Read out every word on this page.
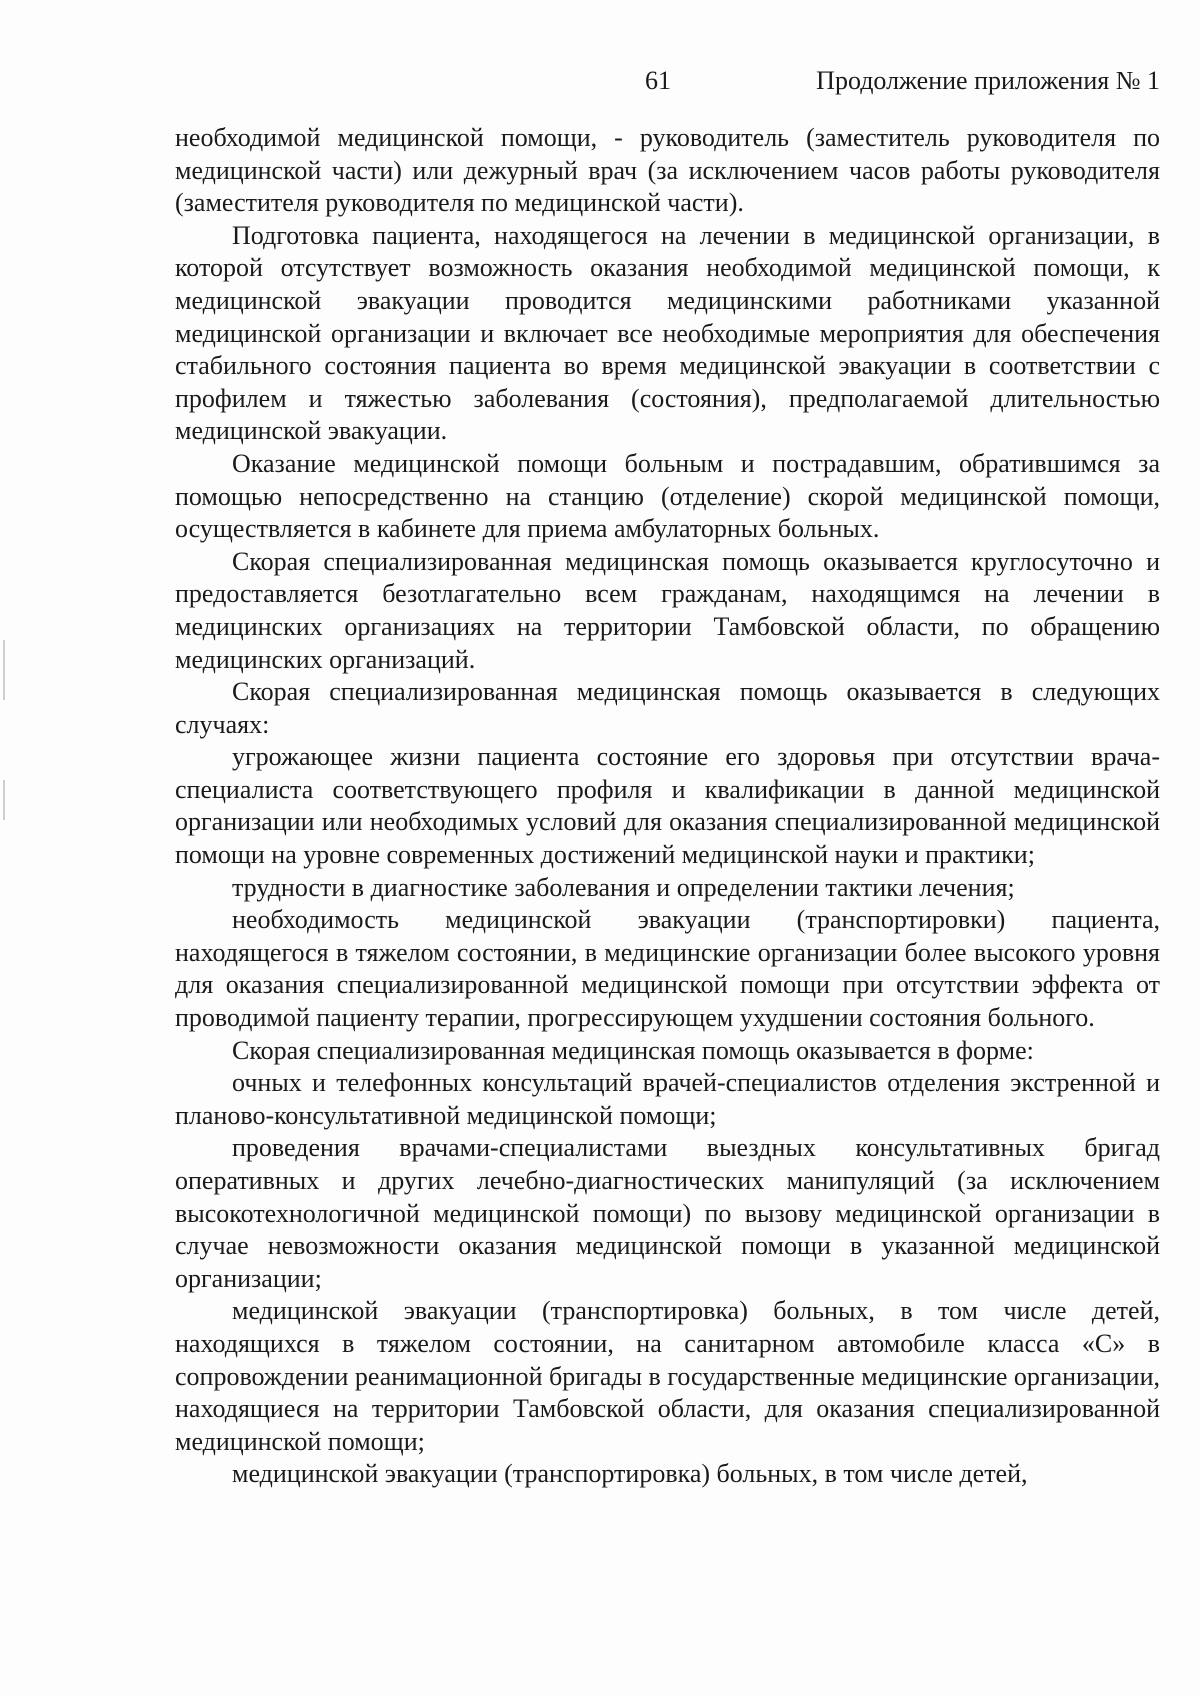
61	Продолжение приложения № 1

необходимой медицинской помощи, - руководитель (заместитель руководителя по медицинской части) или дежурный врач (за исключением часов работы руководителя (заместителя руководителя по медицинской части).

Подготовка пациента, находящегося на лечении в медицинской организации, в которой отсутствует возможность оказания необходимой медицинской помощи, к медицинской эвакуации проводится медицинскими работниками указанной медицинской организации и включает все необходимые мероприятия для обеспечения стабильного состояния пациента во время медицинской эвакуации в соответствии с профилем и тяжестью заболевания (состояния), предполагаемой длительностью медицинской эвакуации.

Оказание медицинской помощи больным и пострадавшим, обратившимся за помощью непосредственно на станцию (отделение) скорой медицинской помощи, осуществляется в кабинете для приема амбулаторных больных.

Скорая специализированная медицинская помощь оказывается круглосуточно и предоставляется безотлагательно всем гражданам, находящимся на лечении в медицинских организациях на территории Тамбовской области, по обращению медицинских организаций.

Скорая специализированная медицинская помощь оказывается в следующих случаях:

угрожающее жизни пациента состояние его здоровья при отсутствии врача-специалиста соответствующего профиля и квалификации в данной медицинской организации или необходимых условий для оказания специализированной медицинской помощи на уровне современных достижений медицинской науки и практики;

трудности в диагностике заболевания и определении тактики лечения;

необходимость медицинской эвакуации (транспортировки) пациента, находящегося в тяжелом состоянии, в медицинские организации более высокого уровня для оказания специализированной медицинской помощи при отсутствии эффекта от проводимой пациенту терапии, прогрессирующем ухудшении состояния больного.

Скорая специализированная медицинская помощь оказывается в форме:

очных и телефонных консультаций врачей-специалистов отделения экстренной и планово-консультативной медицинской помощи;

проведения врачами-специалистами выездных консультативных бригад оперативных и других лечебно-диагностических манипуляций (за исключением высокотехнологичной медицинской помощи) по вызову медицинской организации в случае невозможности оказания медицинской помощи в указанной медицинской организации;

медицинской эвакуации (транспортировка) больных, в том числе детей, находящихся в тяжелом состоянии, на санитарном автомобиле класса «С» в сопровождении реанимационной бригады в государственные медицинские организации, находящиеся на территории Тамбовской области, для оказания специализированной медицинской помощи;

медицинской эвакуации (транспортировка) больных, в том числе детей,
